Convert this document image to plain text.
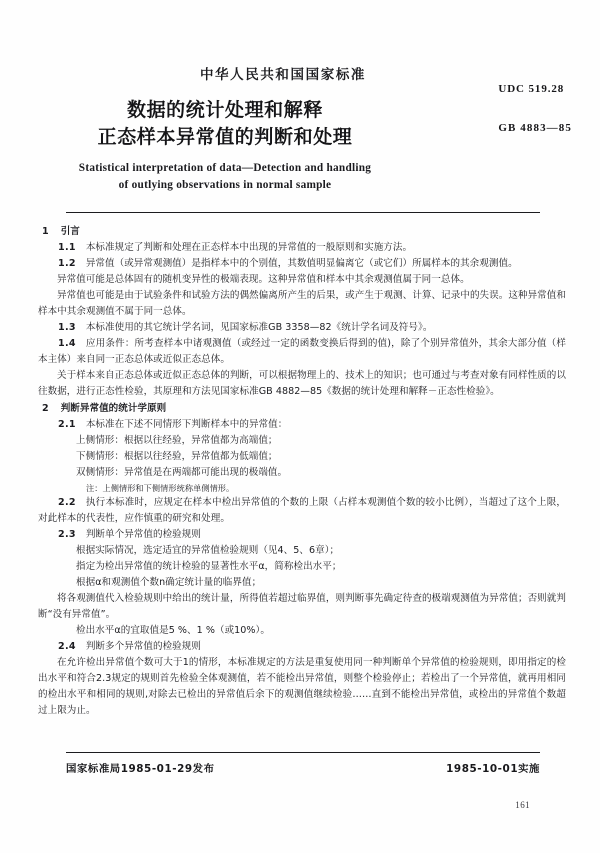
中华人民共和国国家标准
数据的统计处理和解释
正态样本异常值的判断和处理
Statistical interpretation of data—Detection and handling
of outlying observations in normal sample
UDC 519.28
GB 4883—85

1 引言

1.1 本标准规定了判断和处理在正态样本中出现的异常值的一般原则和实施方法。

1.2 异常值（或异常观测值）是指样本中的个别值，其数值明显偏离它（或它们）所属样本的其余观测值。

异常值可能是总体固有的随机变异性的极端表现。这种异常值和样本中其余观测值属于同一总体。

异常值也可能是由于试验条件和试验方法的偶然偏离所产生的后果，或产生于观测、计算、记录中的失误。这种异常值和样本中其余观测值不属于同一总体。

1.3 本标准使用的其它统计学名词，见国家标准GB 3358—82《统计学名词及符号》。

1.4 应用条件：所考查样本中诸观测值（或经过一定的函数变换后得到的值)，除了个别异常值外，其余大部分值（样本主体）来自同一正态总体或近似正态总体。

关于样本来自正态总体或近似正态总体的判断，可以根据物理上的、技术上的知识；也可通过与考查对象有同样性质的以往数据，进行正态性检验，其原理和方法见国家标准GB 4882—85《数据的统计处理和解释－正态性检验》。

2 判断异常值的统计学原则

2.1 本标准在下述不同情形下判断样本中的异常值：

上侧情形：根据以往经验，异常值都为高端值；

下侧情形：根据以往经验，异常值都为低端值；

双侧情形：异常值是在两端都可能出现的极端值。

注：上侧情形和下侧情形统称单侧情形。

2.2 执行本标准时，应规定在样本中检出异常值的个数的上限（占样本观测值个数的较小比例），当超过了这个上限，对此样本的代表性，应作慎重的研究和处理。

2.3 判断单个异常值的检验规则

根据实际情况，选定适宜的异常值检验规则（见4、5、6章）；

指定为检出异常值的统计检验的显著性水平α，简称检出水平；

根据α和观测值个数n确定统计量的临界值；

将各观测值代入检验规则中给出的统计量，所得值若超过临界值，则判断事先确定待查的极端观测值为异常值；否则就判断“没有异常值”。

检出水平α的宜取值是5 %、1 %（或10%）。

2.4 判断多个异常值的检验规则

在允许检出异常值个数可大于1的情形，本标准规定的方法是重复使用同一种判断单个异常值的检验规则，即用指定的检出水平和符合2.3规定的规则首先检验全体观测值，若不能检出异常值，则整个检验停止；若检出了一个异常值，就再用相同的检出水平和相同的规则,对除去已检出的异常值后余下的观测值继续检验……直到不能检出异常值，或检出的异常值个数超过上限为止。

国家标准局1985-01-29发布	1985-10-01实施
161
